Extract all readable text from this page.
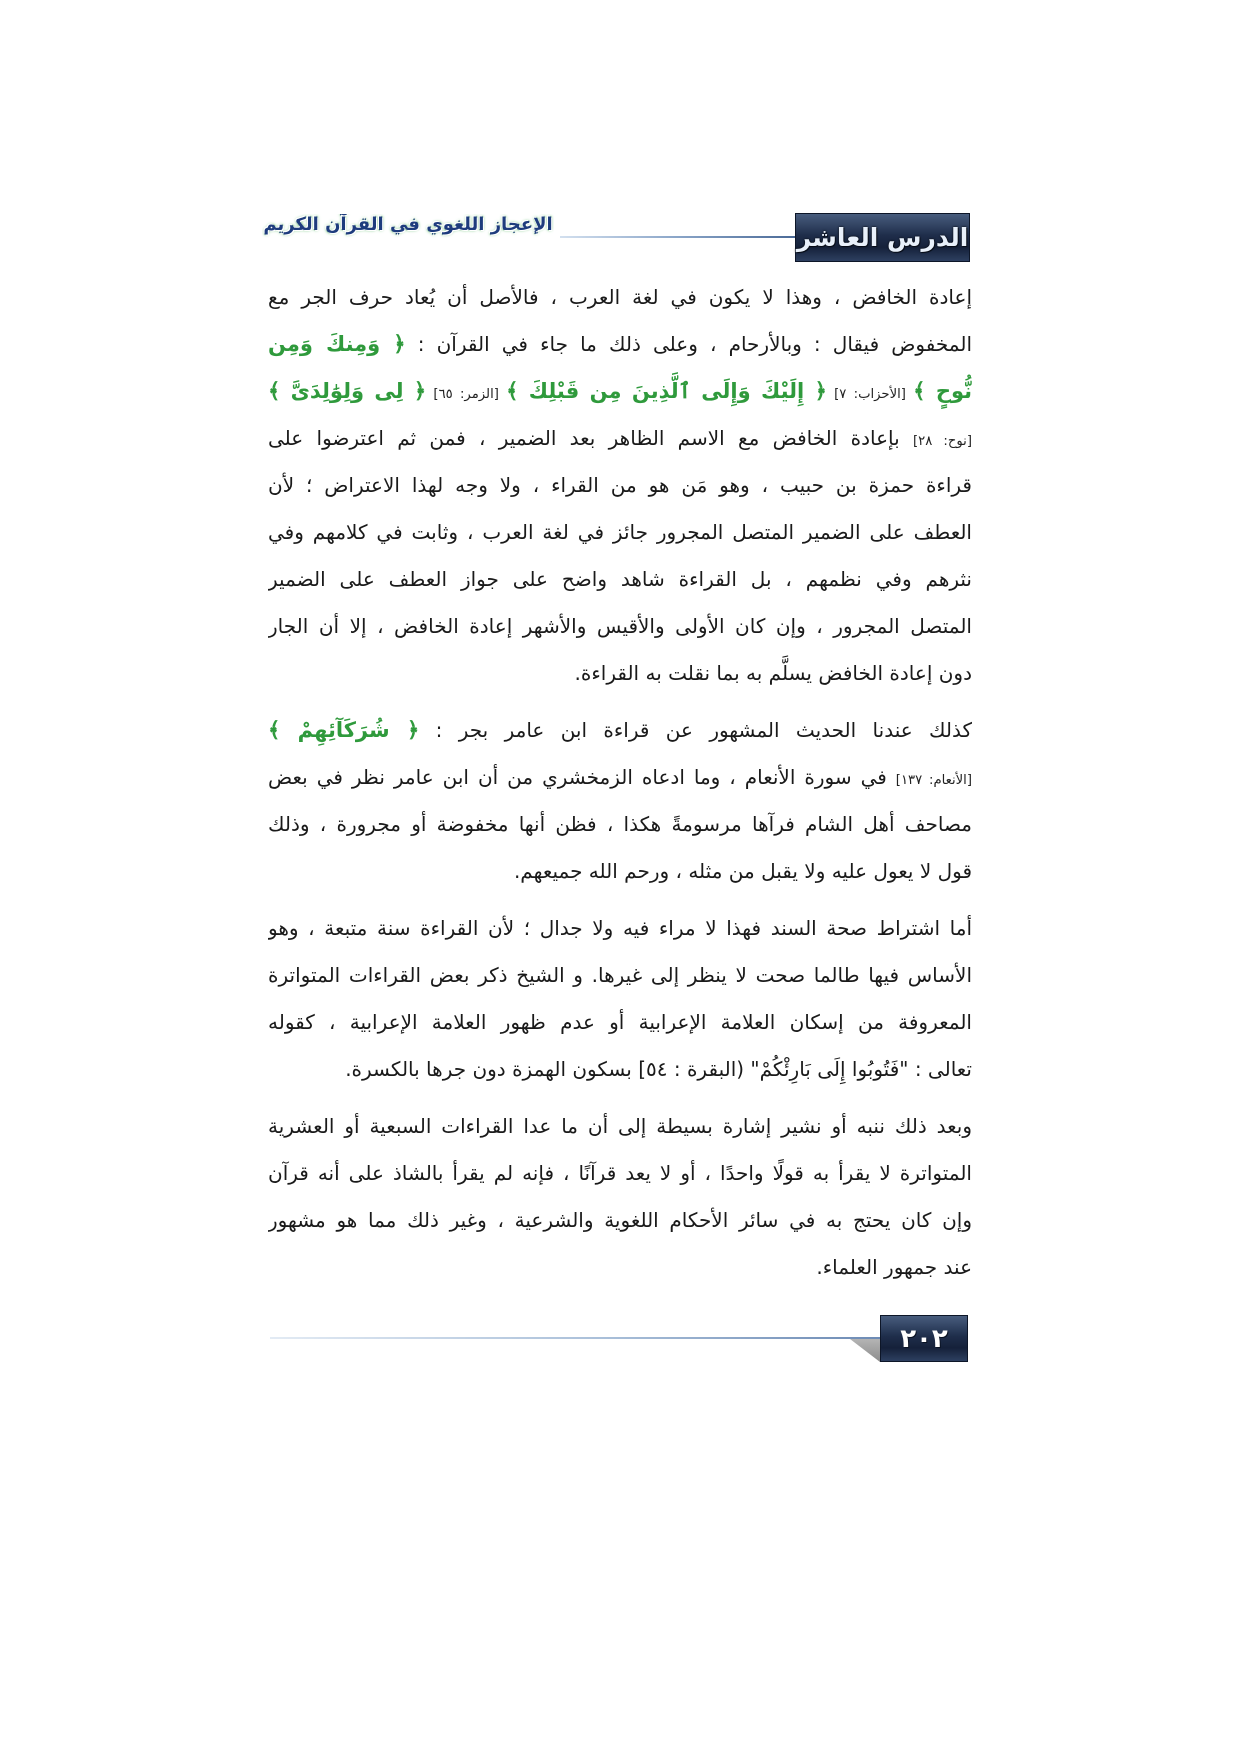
الدرس العاشر
الإعجاز اللغوي في القرآن الكريم
إعادة الخافض ، وهذا لا يكون في لغة العرب ، فالأصل أن يُعاد حرف الجر مع
المخفوض فيقال : وبالأرحام ، وعلى ذلك ما جاء في القرآن : ﴿ وَمِنكَ وَمِن
نُّوحٍ ﴾ [الأحزاب: ٧] ﴿ إِلَيْكَ وَإِلَى ٱلَّذِينَ مِن قَبْلِكَ ﴾ [الزمر: ٦٥] ﴿ لِى وَلِوَٰلِدَىَّ ﴾
[نوح: ٢٨] بإعادة الخافض مع الاسم الظاهر بعد الضمير ، فمن ثم اعترضوا على
قراءة حمزة بن حبيب ، وهو مَن هو من القراء ، ولا وجه لهذا الاعتراض ؛ لأن
العطف على الضمير المتصل المجرور جائز في لغة العرب ، وثابت في كلامهم وفي
نثرهم وفي نظمهم ، بل القراءة شاهد واضح على جواز العطف على الضمير
المتصل المجرور ، وإن كان الأولى والأقيس والأشهر إعادة الخافض ، إلا أن الجار
دون إعادة الخافض يسلَّم به بما نقلت به القراءة.
كذلك عندنا الحديث المشهور عن قراءة ابن عامر بجر : ﴿ شُرَكَآئِهِمْ ﴾
[الأنعام: ١٣٧] في سورة الأنعام ، وما ادعاه الزمخشري من أن ابن عامر نظر في بعض
مصاحف أهل الشام فرآها مرسومةً هكذا ، فظن أنها مخفوضة أو مجرورة ، وذلك
قول لا يعول عليه ولا يقبل من مثله ، ورحم الله جميعهم.
أما اشتراط صحة السند فهذا لا مراء فيه ولا جدال ؛ لأن القراءة سنة متبعة ، وهو
الأساس فيها طالما صحت لا ينظر إلى غيرها. و الشيخ ذكر بعض القراءات المتواترة
المعروفة من إسكان العلامة الإعرابية أو عدم ظهور العلامة الإعرابية ، كقوله
تعالى : "فَتُوبُوا إِلَى بَارِئْكُمْ" (البقرة : ٥٤] بسكون الهمزة دون جرها بالكسرة.
وبعد ذلك ننبه أو نشير إشارة بسيطة إلى أن ما عدا القراءات السبعية أو العشرية
المتواترة لا يقرأ به قولًا واحدًا ، أو لا يعد قرآنًا ، فإنه لم يقرأ بالشاذ على أنه قرآن
وإن كان يحتج به في سائر الأحكام اللغوية والشرعية ، وغير ذلك مما هو مشهور
عند جمهور العلماء.
٢٠٢
